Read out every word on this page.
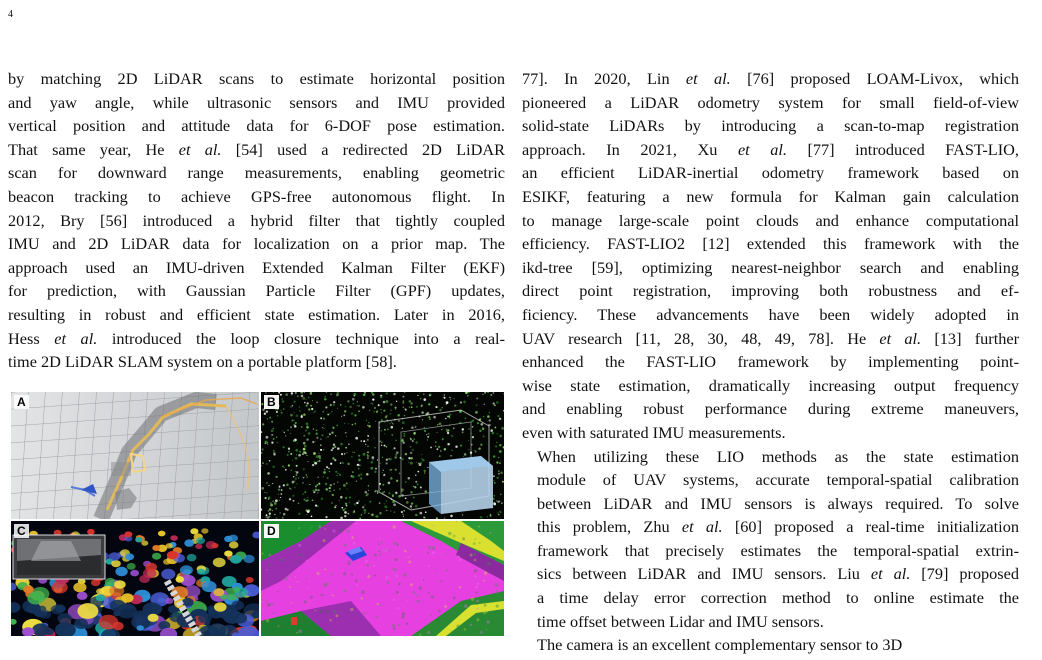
4

by matching 2D LiDAR scans to estimate horizontal position
and yaw angle, while ultrasonic sensors and IMU provided
vertical position and attitude data for 6-DOF pose estimation.
That same year, He et al. [54] used a redirected 2D LiDAR
scan for downward range measurements, enabling geometric
beacon tracking to achieve GPS-free autonomous flight. In
2012, Bry [56] introduced a hybrid filter that tightly coupled
IMU and 2D LiDAR data for localization on a prior map. The
approach used an IMU-driven Extended Kalman Filter (EKF)
for prediction, with Gaussian Particle Filter (GPF) updates,
resulting in robust and efficient state estimation. Later in 2016,
Hess et al. introduced the loop closure technique into a real-
time 2D LiDAR SLAM system on a portable platform [58].

77]. In 2020, Lin et al. [76] proposed LOAM-Livox, which
pioneered a LiDAR odometry system for small field-of-view
solid-state LiDARs by introducing a scan-to-map registration
approach. In 2021, Xu et al. [77] introduced FAST-LIO,
an efficient LiDAR-inertial odometry framework based on
ESIKF, featuring a new formula for Kalman gain calculation
to manage large-scale point clouds and enhance computational
efficiency. FAST-LIO2 [12] extended this framework with the
ikd-tree [59], optimizing nearest-neighbor search and enabling
direct point registration, improving both robustness and ef-
ficiency. These advancements have been widely adopted in
UAV research [11, 28, 30, 48, 49, 78]. He et al. [13] further
enhanced the FAST-LIO framework by implementing point-
wise state estimation, dramatically increasing output frequency
and enabling robust performance during extreme maneuvers,
even with saturated IMU measurements.

When utilizing these LIO methods as the state estimation
module of UAV systems, accurate temporal-spatial calibration
between LiDAR and IMU sensors is always required. To solve
this problem, Zhu et al. [60] proposed a real-time initialization
framework that precisely estimates the temporal-spatial extrin-
sics between LiDAR and IMU sensors. Liu et al. [79] proposed
a time delay error correction method to online estimate the
time offset between Lidar and IMU sensors.

The camera is an excellent complementary sensor to 3D

A	B
C	D
